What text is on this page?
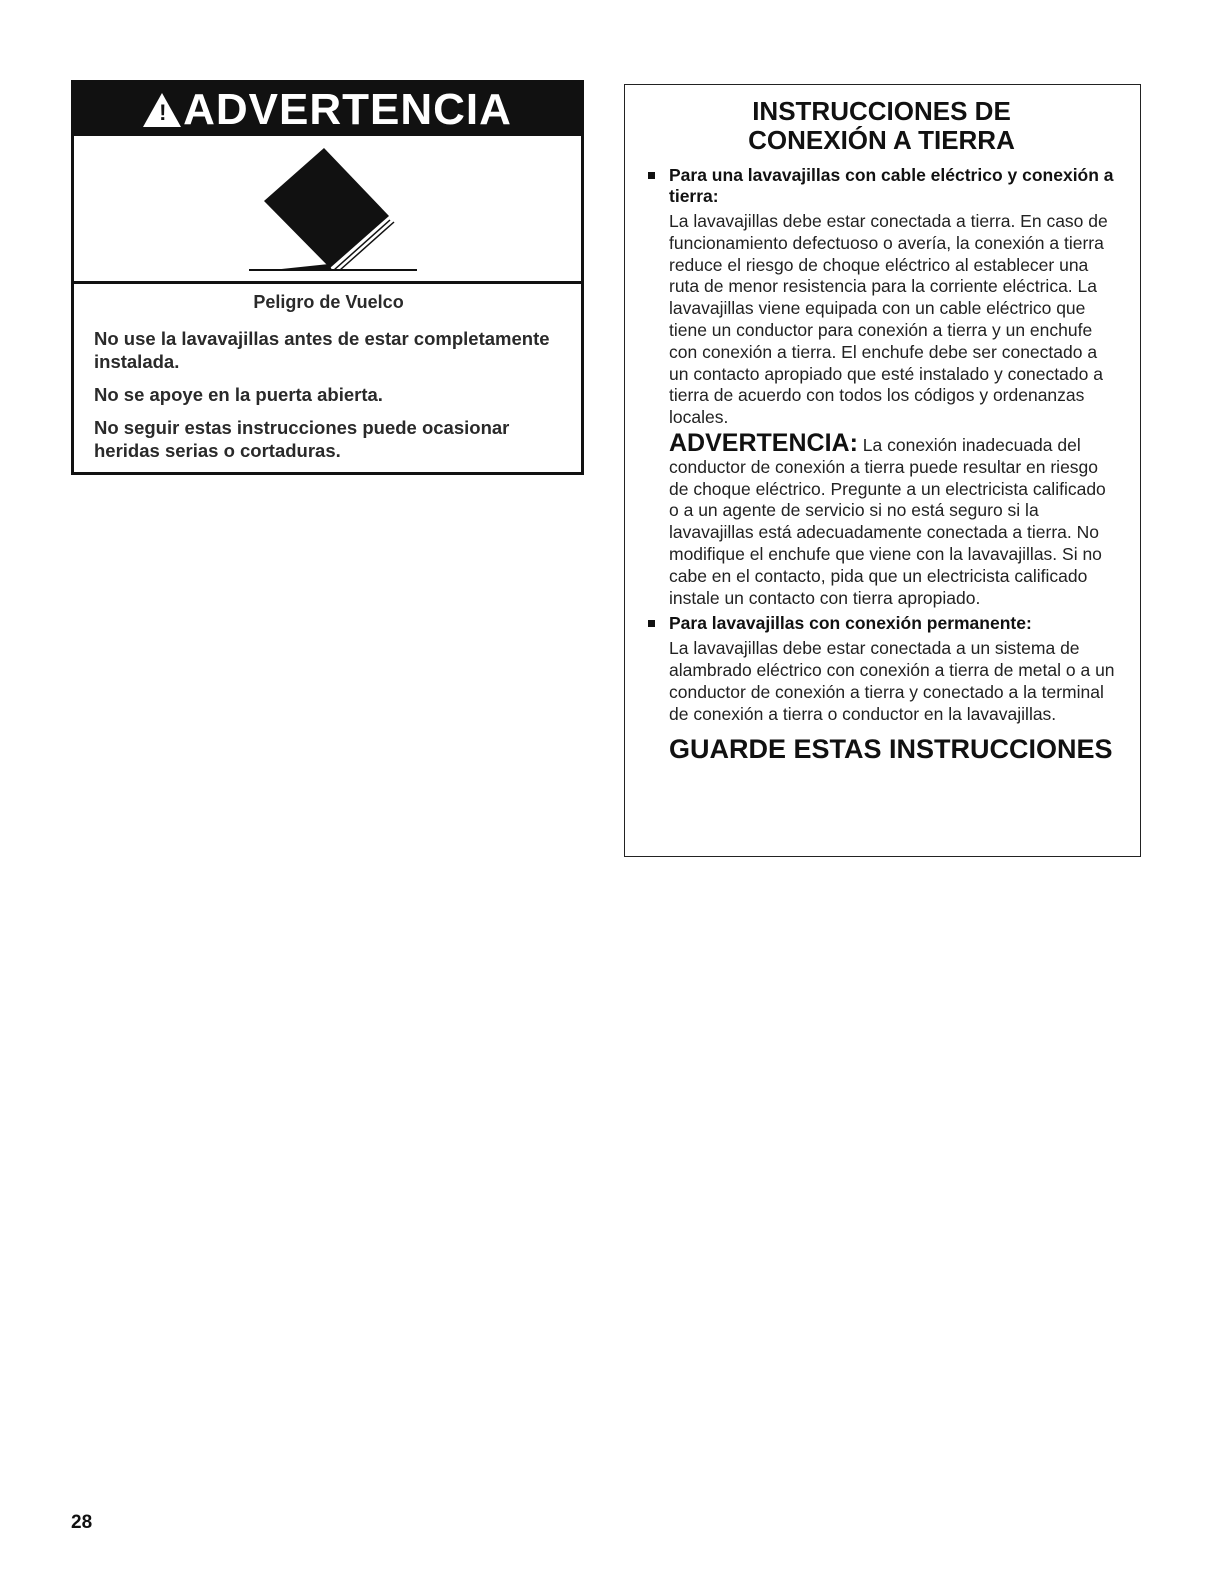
! ADVERTENCIA
Peligro de Vuelco

No use la lavavajillas antes de estar completamente instalada.

No se apoye en la puerta abierta.

No seguir estas instrucciones puede ocasionar heridas serias o cortaduras.

INSTRUCCIONES DE
CONEXIÓN A TIERRA
Para una lavavajillas con cable eléctrico y conexión a tierra:

La lavavajillas debe estar conectada a tierra. En caso de funcionamiento defectuoso o avería, la conexión a tierra reduce el riesgo de choque eléctrico al establecer una ruta de menor resistencia para la corriente eléctrica. La lavavajillas viene equipada con un cable eléctrico que tiene un conductor para conexión a tierra y un enchufe con conexión a tierra. El enchufe debe ser conectado a un contacto apropiado que esté instalado y conectado a tierra de acuerdo con todos los códigos y ordenanzas locales.

ADVERTENCIA: La conexión inadecuada del conductor de conexión a tierra puede resultar en riesgo de choque eléctrico. Pregunte a un electricista calificado o a un agente de servicio si no está seguro si la lavavajillas está adecuadamente conectada a tierra. No modifique el enchufe que viene con la lavavajillas. Si no cabe en el contacto, pida que un electricista calificado instale un contacto con tierra apropiado.

Para lavavajillas con conexión permanente:

La lavavajillas debe estar conectada a un sistema de alambrado eléctrico con conexión a tierra de metal o a un conductor de conexión a tierra y conectado a la terminal de conexión a tierra o conductor en la lavavajillas.

GUARDE ESTAS INSTRUCCIONES
28
